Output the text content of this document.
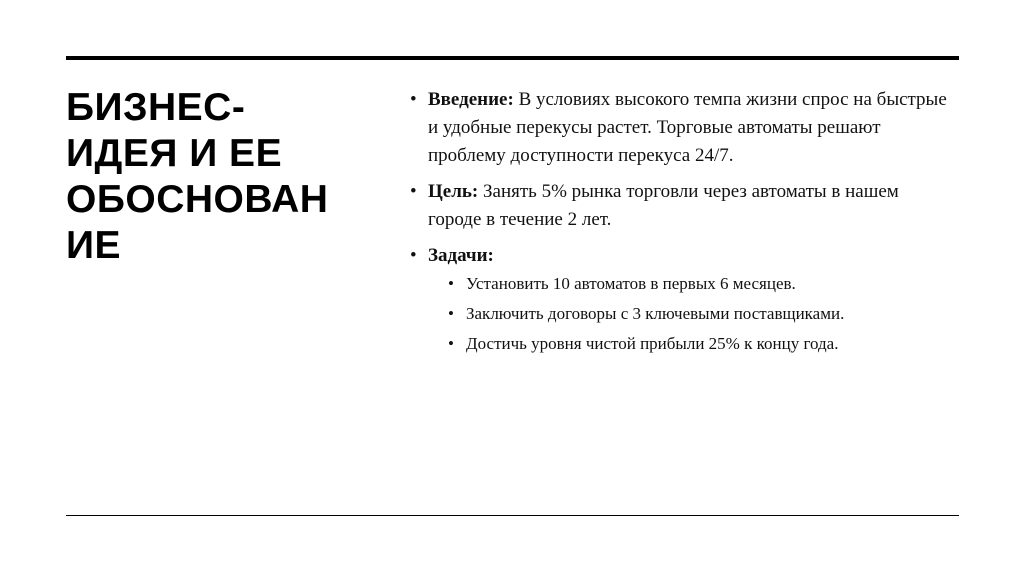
БИЗНЕС-
ИДЕЯ И ЕЕ
ОБОСНОВАН
ИЕ
• Введение: В условиях высокого темпа жизни спрос на быстрые и удобные перекусы растет. Торговые автоматы решают проблему доступности перекуса 24/7.
• Цель: Занять 5% рынка торговли через автоматы в нашем городе в течение 2 лет.
• Задачи:
• Установить 10 автоматов в первых 6 месяцев.
• Заключить договоры с 3 ключевыми поставщиками.
• Достичь уровня чистой прибыли 25% к концу года.
